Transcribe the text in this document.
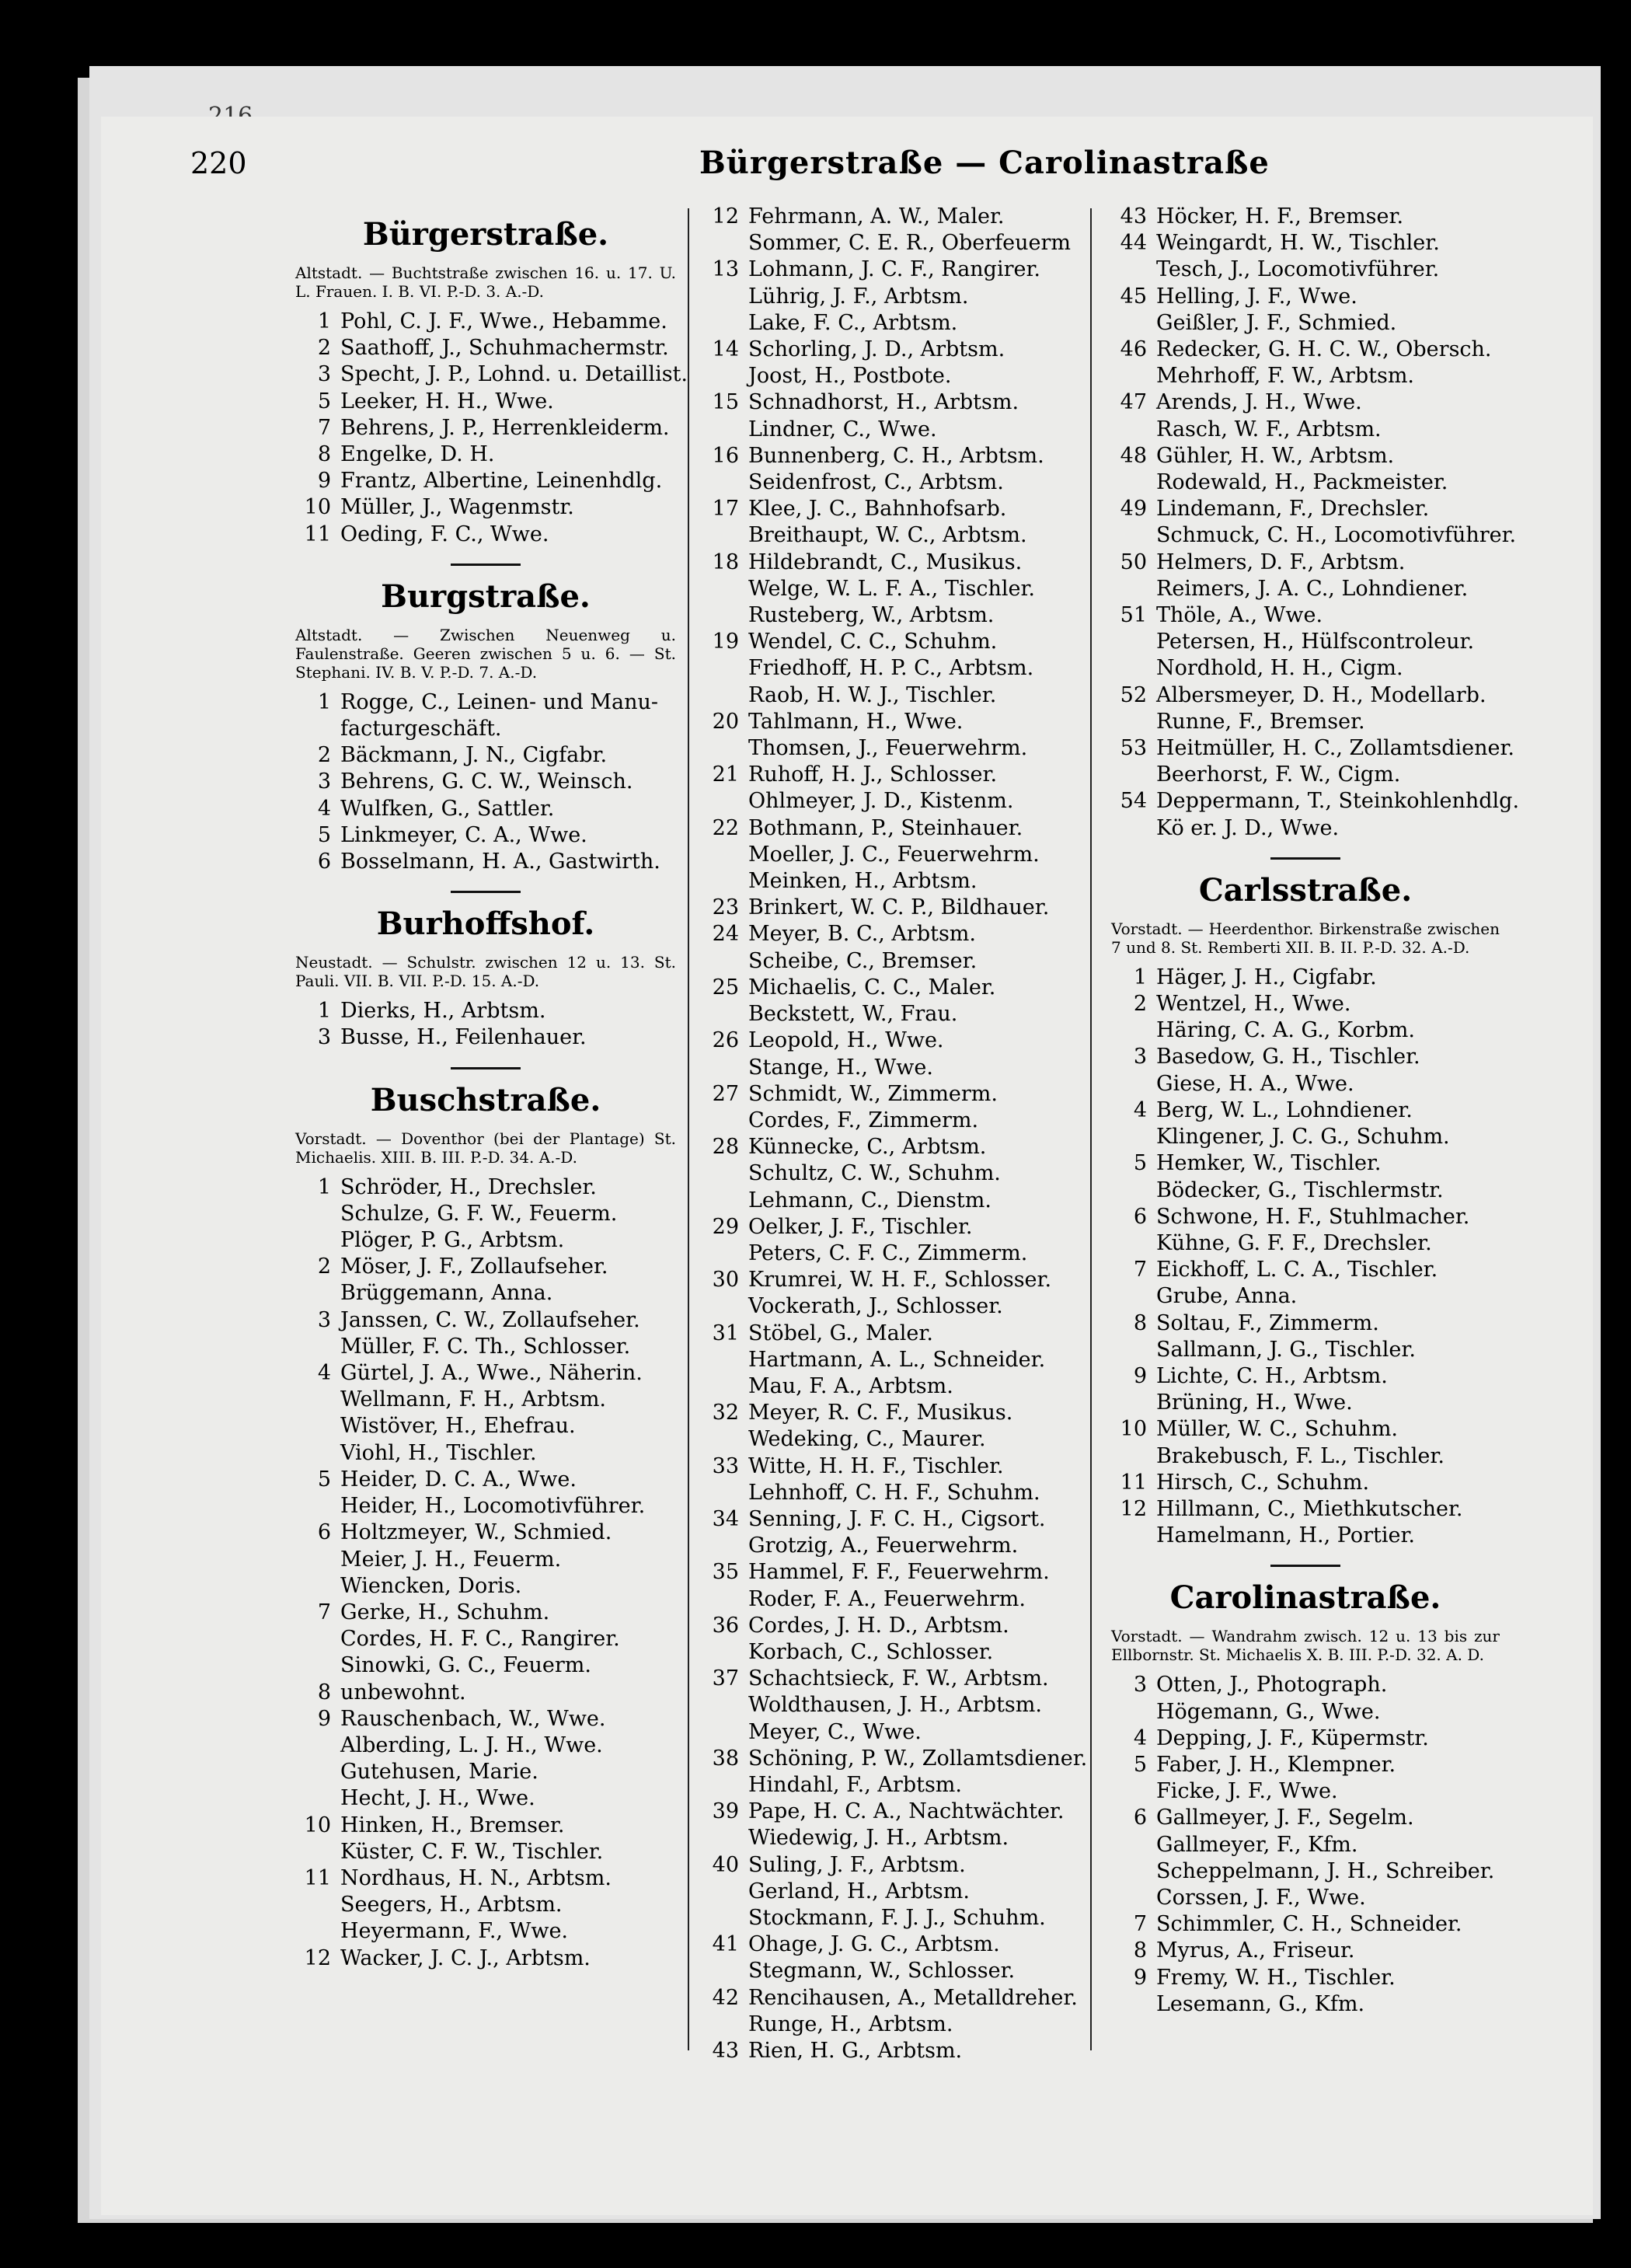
220	Bürgerstraße — Carolinastraße
Bürgerstraße.
Altstadt. — Buchtstraße zwischen 16. u. 17. U. L. Frauen. I. B. VI. P.-D. 3. A.-D.
1 Pohl, C. J. F., Wwe., Hebamme.
2 Saathoff, J., Schuhmachermstr.
3 Specht, J. P., Lohnd. u. Detaillist.
5 Leeker, H. H., Wwe.
7 Behrens, J. P., Herrenkleiderm.
8 Engelke, D. H.
9 Frantz, Albertine, Leinenhdlg.
10 Müller, J., Wagenmstr.
11 Oeding, F. C., Wwe.
Burgstraße.
Altstadt. — Zwischen Neuenweg u. Faulenstraße. Geeren zwischen 5 u. 6. — St. Stephani. IV. B. V. P.-D. 7. A.-D.
1 Rogge, C., Leinen- und Manu-
facturgeschäft.
2 Bäckmann, J. N., Cigfabr.
3 Behrens, G. C. W., Weinsch.
4 Wulfken, G., Sattler.
5 Linkmeyer, C. A., Wwe.
6 Bosselmann, H. A., Gastwirth.
Burhoffshof.
Neustadt. — Schulstr. zwischen 12 u. 13. St. Pauli. VII. B. VII. P.-D. 15. A.-D.
1 Dierks, H., Arbtsm.
3 Busse, H., Feilenhauer.
Buschstraße.
Vorstadt. — Doventhor (bei der Plantage) St. Michaelis. XIII. B. III. P.-D. 34. A.-D.
1 Schröder, H., Drechsler.
Schulze, G. F. W., Feuerm.
Plöger, P. G., Arbtsm.
2 Möser, J. F., Zollaufseher.
Brüggemann, Anna.
3 Janssen, C. W., Zollaufseher.
Müller, F. C. Th., Schlosser.
4 Gürtel, J. A., Wwe., Näherin.
Wellmann, F. H., Arbtsm.
Wistöver, H., Ehefrau.
Viohl, H., Tischler.
5 Heider, D. C. A., Wwe.
Heider, H., Locomotivführer.
6 Holtzmeyer, W., Schmied.
Meier, J. H., Feuerm.
Wiencken, Doris.
7 Gerke, H., Schuhm.
Cordes, H. F. C., Rangirer.
Sinowki, G. C., Feuerm.
8 unbewohnt.
9 Rauschenbach, W., Wwe.
Alberding, L. J. H., Wwe.
Gutehusen, Marie.
Hecht, J. H., Wwe.
10 Hinken, H., Bremser.
Küster, C. F. W., Tischler.
11 Nordhaus, H. N., Arbtsm.
Seegers, H., Arbtsm.
Heyermann, F., Wwe.
12 Wacker, J. C. J., Arbtsm.
12 Fehrmann, A. W., Maler.
Sommer, C. E. R., Oberfeuerm
13 Lohmann, J. C. F., Rangirer.
Lührig, J. F., Arbtsm.
Lake, F. C., Arbtsm.
14 Schorling, J. D., Arbtsm.
Joost, H., Postbote.
15 Schnadhorst, H., Arbtsm.
Lindner, C., Wwe.
16 Bunnenberg, C. H., Arbtsm.
Seidenfrost, C., Arbtsm.
17 Klee, J. C., Bahnhofsarb.
Breithaupt, W. C., Arbtsm.
18 Hildebrandt, C., Musikus.
Welge, W. L. F. A., Tischler.
Rusteberg, W., Arbtsm.
19 Wendel, C. C., Schuhm.
Friedhoff, H. P. C., Arbtsm.
Raob, H. W. J., Tischler.
20 Tahlmann, H., Wwe.
Thomsen, J., Feuerwehrm.
21 Ruhoff, H. J., Schlosser.
Ohlmeyer, J. D., Kistenm.
22 Bothmann, P., Steinhauer.
Moeller, J. C., Feuerwehrm.
Meinken, H., Arbtsm.
23 Brinkert, W. C. P., Bildhauer.
24 Meyer, B. C., Arbtsm.
Scheibe, C., Bremser.
25 Michaelis, C. C., Maler.
Beckstett, W., Frau.
26 Leopold, H., Wwe.
Stange, H., Wwe.
27 Schmidt, W., Zimmerm.
Cordes, F., Zimmerm.
28 Künnecke, C., Arbtsm.
Schultz, C. W., Schuhm.
Lehmann, C., Dienstm.
29 Oelker, J. F., Tischler.
Peters, C. F. C., Zimmerm.
30 Krumrei, W. H. F., Schlosser.
Vockerath, J., Schlosser.
31 Stöbel, G., Maler.
Hartmann, A. L., Schneider.
Mau, F. A., Arbtsm.
32 Meyer, R. C. F., Musikus.
Wedeking, C., Maurer.
33 Witte, H. H. F., Tischler.
Lehnhoff, C. H. F., Schuhm.
34 Senning, J. F. C. H., Cigsort.
Grotzig, A., Feuerwehrm.
35 Hammel, F. F., Feuerwehrm.
Roder, F. A., Feuerwehrm.
36 Cordes, J. H. D., Arbtsm.
Korbach, C., Schlosser.
37 Schachtsieck, F. W., Arbtsm.
Woldthausen, J. H., Arbtsm.
Meyer, C., Wwe.
38 Schöning, P. W., Zollamtsdiener.
Hindahl, F., Arbtsm.
39 Pape, H. C. A., Nachtwächter.
Wiedewig, J. H., Arbtsm.
40 Suling, J. F., Arbtsm.
Gerland, H., Arbtsm.
Stockmann, F. J. J., Schuhm.
41 Ohage, J. G. C., Arbtsm.
Stegmann, W., Schlosser.
42 Rencihausen, A., Metalldreher.
Runge, H., Arbtsm.
43 Rien, H. G., Arbtsm.
43 Höcker, H. F., Bremser.
44 Weingardt, H. W., Tischler.
Tesch, J., Locomotivführer.
45 Helling, J. F., Wwe.
Geißler, J. F., Schmied.
46 Redecker, G. H. C. W., Obersch.
Mehrhoff, F. W., Arbtsm.
47 Arends, J. H., Wwe.
Rasch, W. F., Arbtsm.
48 Gühler, H. W., Arbtsm.
Rodewald, H., Packmeister.
49 Lindemann, F., Drechsler.
Schmuck, C. H., Locomotivführer.
50 Helmers, D. F., Arbtsm.
Reimers, J. A. C., Lohndiener.
51 Thöle, A., Wwe.
Petersen, H., Hülfscontroleur.
Nordhold, H. H., Cigm.
52 Albersmeyer, D. H., Modellarb.
Runne, F., Bremser.
53 Heitmüller, H. C., Zollamtsdiener.
Beerhorst, F. W., Cigm.
54 Deppermann, T., Steinkohlenhdlg.
Kö er. J. D., Wwe.
Carlsstraße.
Vorstadt. — Heerdenthor. Birkenstraße zwischen 7 und 8. St. Remberti XII. B. II. P.-D. 32. A.-D.
1 Häger, J. H., Cigfabr.
2 Wentzel, H., Wwe.
Häring, C. A. G., Korbm.
3 Basedow, G. H., Tischler.
Giese, H. A., Wwe.
4 Berg, W. L., Lohndiener.
Klingener, J. C. G., Schuhm.
5 Hemker, W., Tischler.
Bödecker, G., Tischlermstr.
6 Schwone, H. F., Stuhlmacher.
Kühne, G. F. F., Drechsler.
7 Eickhoff, L. C. A., Tischler.
Grube, Anna.
8 Soltau, F., Zimmerm.
Sallmann, J. G., Tischler.
9 Lichte, C. H., Arbtsm.
Brüning, H., Wwe.
10 Müller, W. C., Schuhm.
Brakebusch, F. L., Tischler.
11 Hirsch, C., Schuhm.
12 Hillmann, C., Miethkutscher.
Hamelmann, H., Portier.
Carolinastraße.
Vorstadt. — Wandrahm zwisch. 12 u. 13 bis zur Ellbornstr. St. Michaelis X. B. III. P.-D. 32. A. D.
3 Otten, J., Photograph.
Högemann, G., Wwe.
4 Depping, J. F., Küpermstr.
5 Faber, J. H., Klempner.
Ficke, J. F., Wwe.
6 Gallmeyer, J. F., Segelm.
Gallmeyer, F., Kfm.
Scheppelmann, J. H., Schreiber.
Corssen, J. F., Wwe.
7 Schimmler, C. H., Schneider.
8 Myrus, A., Friseur.
9 Fremy, W. H., Tischler.
Lesemann, G., Kfm.
